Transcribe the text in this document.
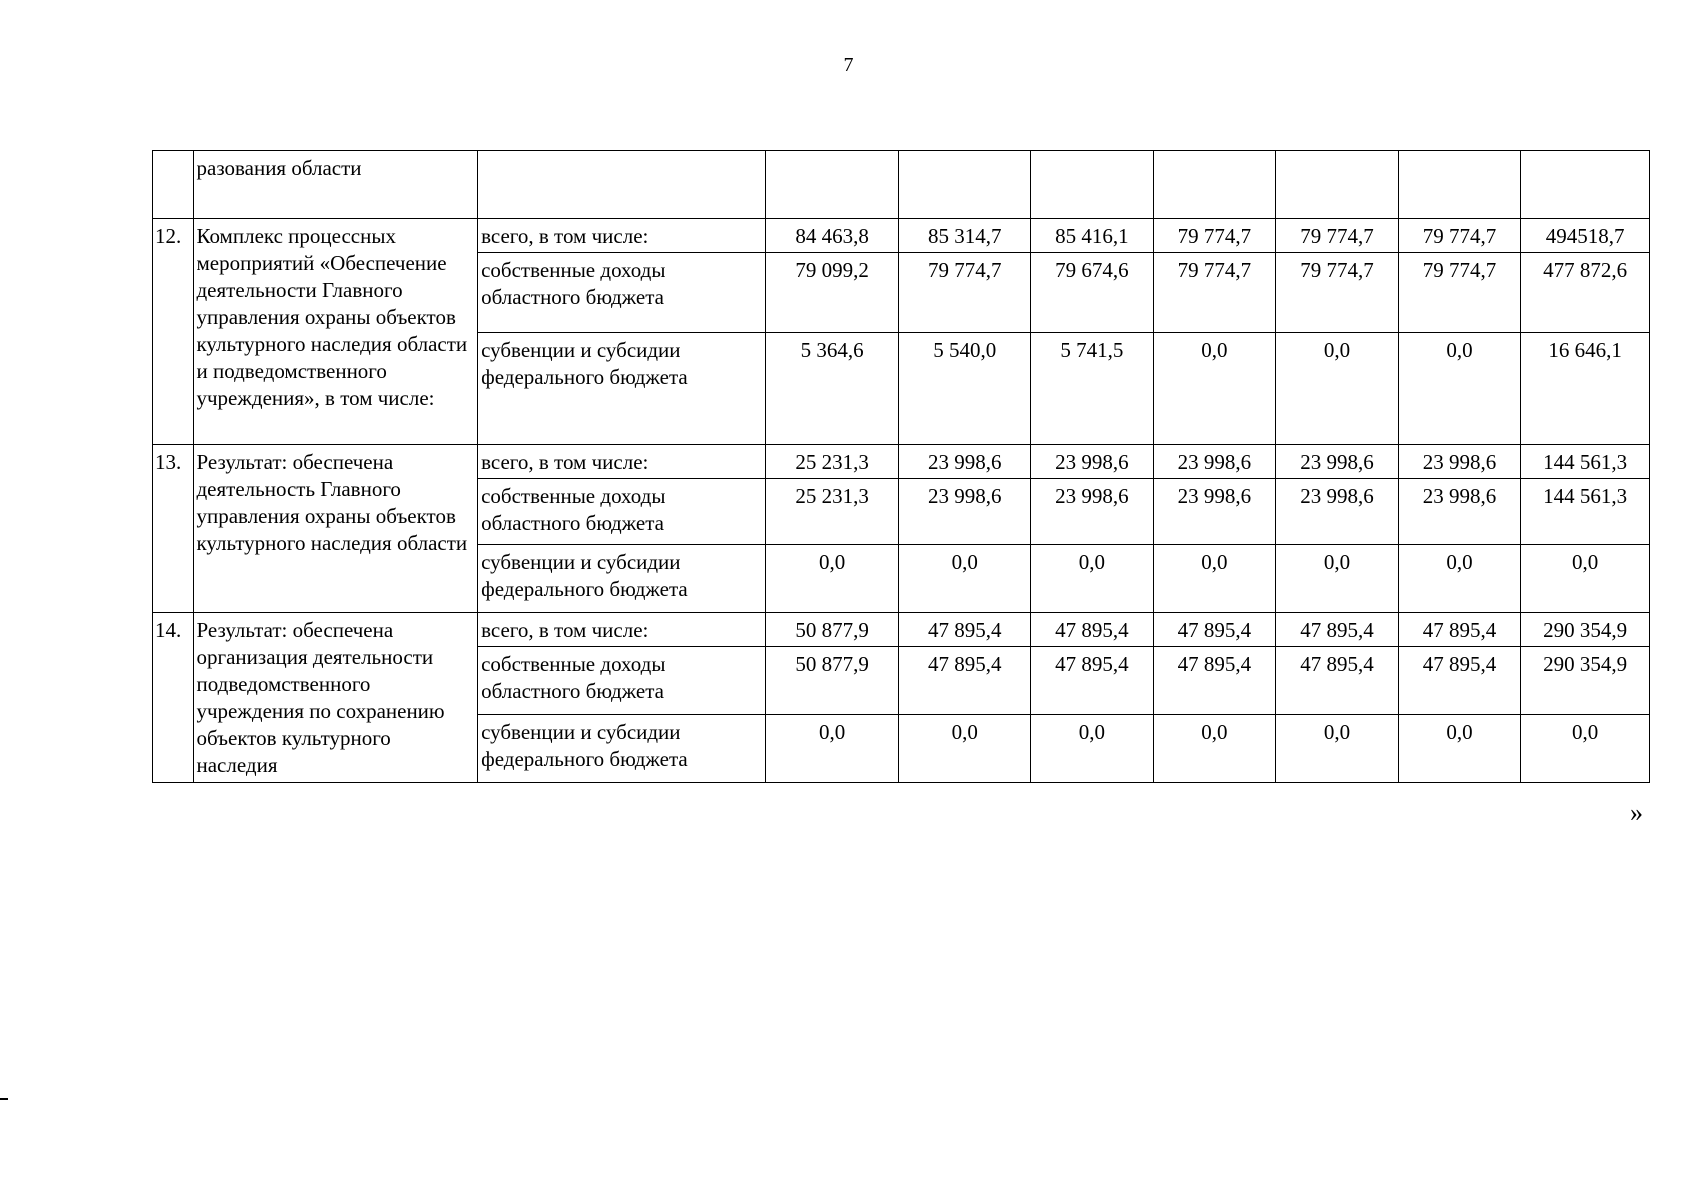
7
	разования области								
12.	Комплекс процессных мероприятий «Обеспечение деятельности Главного управления охраны объектов культурного наследия области и подведомственного учреждения», в том числе:	всего, в том числе:	84 463,8	85 314,7	85 416,1	79 774,7	79 774,7	79 774,7	494518,7
		собственные доходы областного бюджета	79 099,2	79 774,7	79 674,6	79 774,7	79 774,7	79 774,7	477 872,6
		субвенции и субсидии федерального бюджета	5 364,6	5 540,0	5 741,5	0,0	0,0	0,0	16 646,1
13.	Результат: обеспечена деятельность Главного управления охраны объектов культурного наследия области	всего, в том числе:	25 231,3	23 998,6	23 998,6	23 998,6	23 998,6	23 998,6	144 561,3
		собственные доходы областного бюджета	25 231,3	23 998,6	23 998,6	23 998,6	23 998,6	23 998,6	144 561,3
		субвенции и субсидии федерального бюджета	0,0	0,0	0,0	0,0	0,0	0,0	0,0
14.	Результат: обеспечена организация деятельности подведомственного учреждения по сохранению объектов культурного наследия	всего, в том числе:	50 877,9	47 895,4	47 895,4	47 895,4	47 895,4	47 895,4	290 354,9
		собственные доходы областного бюджета	50 877,9	47 895,4	47 895,4	47 895,4	47 895,4	47 895,4	290 354,9
		субвенции и субсидии федерального бюджета	0,0	0,0	0,0	0,0	0,0	0,0	0,0
»
